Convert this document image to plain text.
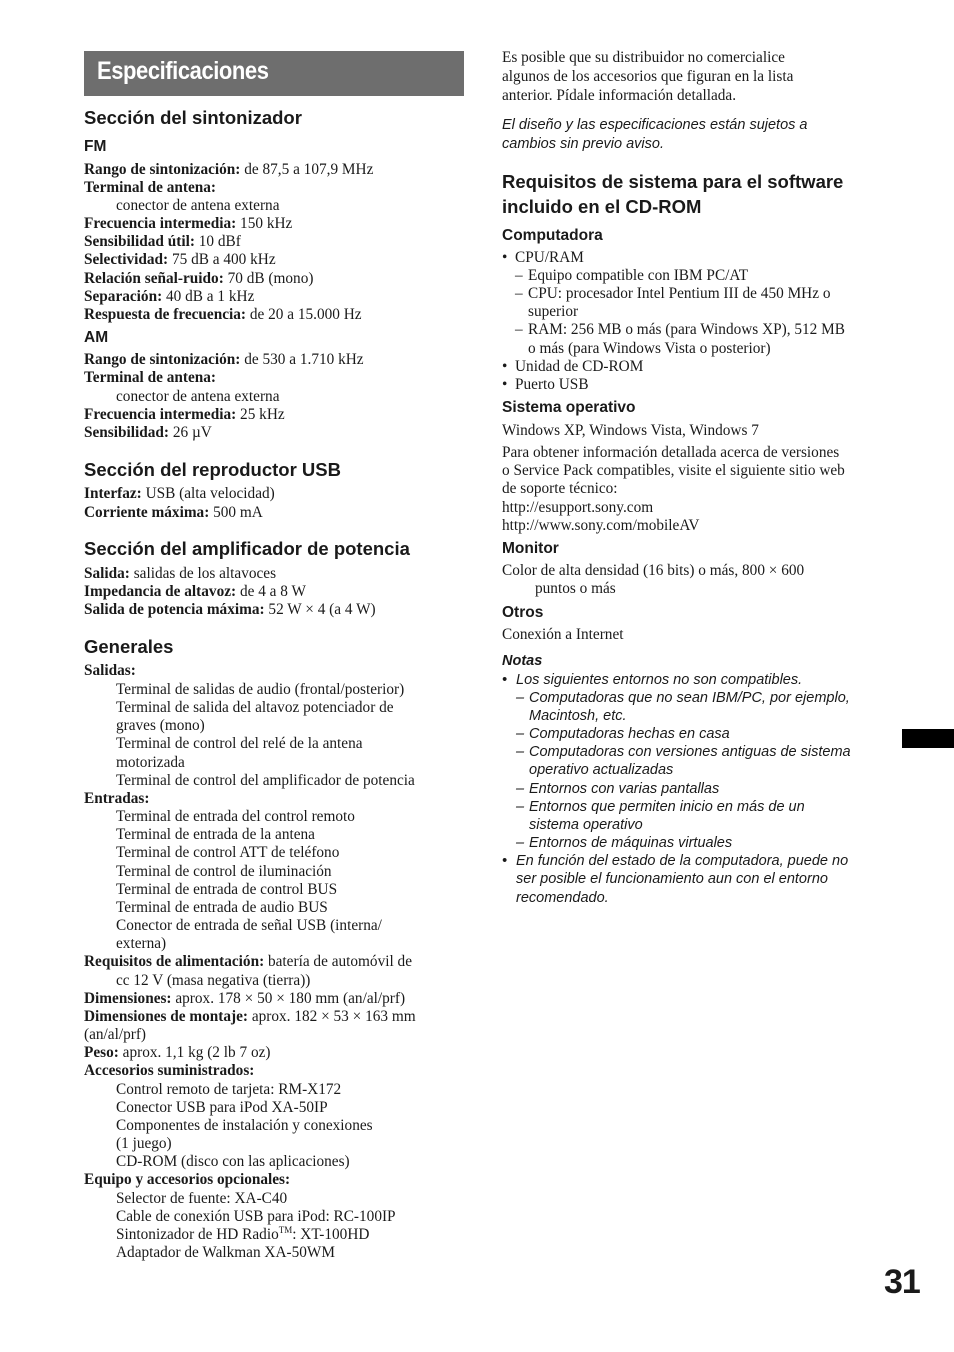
Especificaciones
Sección del sintonizador
FM
Rango de sintonización: de 87,5 a 107,9 MHz
Terminal de antena:
conector de antena externa
Frecuencia intermedia: 150 kHz
Sensibilidad útil: 10 dBf
Selectividad: 75 dB a 400 kHz
Relación señal-ruido: 70 dB (mono)
Separación: 40 dB a 1 kHz
Respuesta de frecuencia: de 20 a 15.000 Hz
AM
Rango de sintonización: de 530 a 1.710 kHz
Terminal de antena:
conector de antena externa
Frecuencia intermedia: 25 kHz
Sensibilidad: 26 µV
Sección del reproductor USB
Interfaz: USB (alta velocidad)
Corriente máxima: 500 mA
Sección del amplificador de potencia
Salida: salidas de los altavoces
Impedancia de altavoz: de 4 a 8 W
Salida de potencia máxima: 52 W × 4 (a 4 W)
Generales
Salidas:
Terminal de salidas de audio (frontal/posterior)
Terminal de salida del altavoz potenciador de
graves (mono)
Terminal de control del relé de la antena
motorizada
Terminal de control del amplificador de potencia
Entradas:
Terminal de entrada del control remoto
Terminal de entrada de la antena
Terminal de control ATT de teléfono
Terminal de control de iluminación
Terminal de entrada de control BUS
Terminal de entrada de audio BUS
Conector de entrada de señal USB (interna/
externa)
Requisitos de alimentación: batería de automóvil de
cc 12 V (masa negativa (tierra))
Dimensiones: aprox. 178 × 50 × 180 mm (an/al/prf)
Dimensiones de montaje: aprox. 182 × 53 × 163 mm
(an/al/prf)
Peso: aprox. 1,1 kg (2 lb 7 oz)
Accesorios suministrados:
Control remoto de tarjeta: RM-X172
Conector USB para iPod XA-50IP
Componentes de instalación y conexiones
(1 juego)
CD-ROM (disco con las aplicaciones)
Equipo y accesorios opcionales:
Selector de fuente: XA-C40
Cable de conexión USB para iPod: RC-100IP
Sintonizador de HD Radio™: XT-100HD
Adaptador de Walkman XA-50WM
Es posible que su distribuidor no comercialice
algunos de los accesorios que figuran en la lista
anterior. Pídale información detallada.
El diseño y las especificaciones están sujetos a
cambios sin previo aviso.
Requisitos de sistema para el software
incluido en el CD-ROM
Computadora
• CPU/RAM
– Equipo compatible con IBM PC/AT
– CPU: procesador Intel Pentium III de 450 MHz o
superior
– RAM: 256 MB o más (para Windows XP), 512 MB
o más (para Windows Vista o posterior)
• Unidad de CD-ROM
• Puerto USB
Sistema operativo
Windows XP, Windows Vista, Windows 7
Para obtener información detallada acerca de versiones
o Service Pack compatibles, visite el siguiente sitio web
de soporte técnico:
http://esupport.sony.com
http://www.sony.com/mobileAV
Monitor
Color de alta densidad (16 bits) o más, 800 × 600
puntos o más
Otros
Conexión a Internet
Notas
• Los siguientes entornos no son compatibles.
– Computadoras que no sean IBM/PC, por ejemplo,
Macintosh, etc.
– Computadoras hechas en casa
– Computadoras con versiones antiguas de sistema
operativo actualizadas
– Entornos con varias pantallas
– Entornos que permiten inicio en más de un
sistema operativo
– Entornos de máquinas virtuales
• En función del estado de la computadora, puede no
ser posible el funcionamiento aun con el entorno
recomendado.
31
